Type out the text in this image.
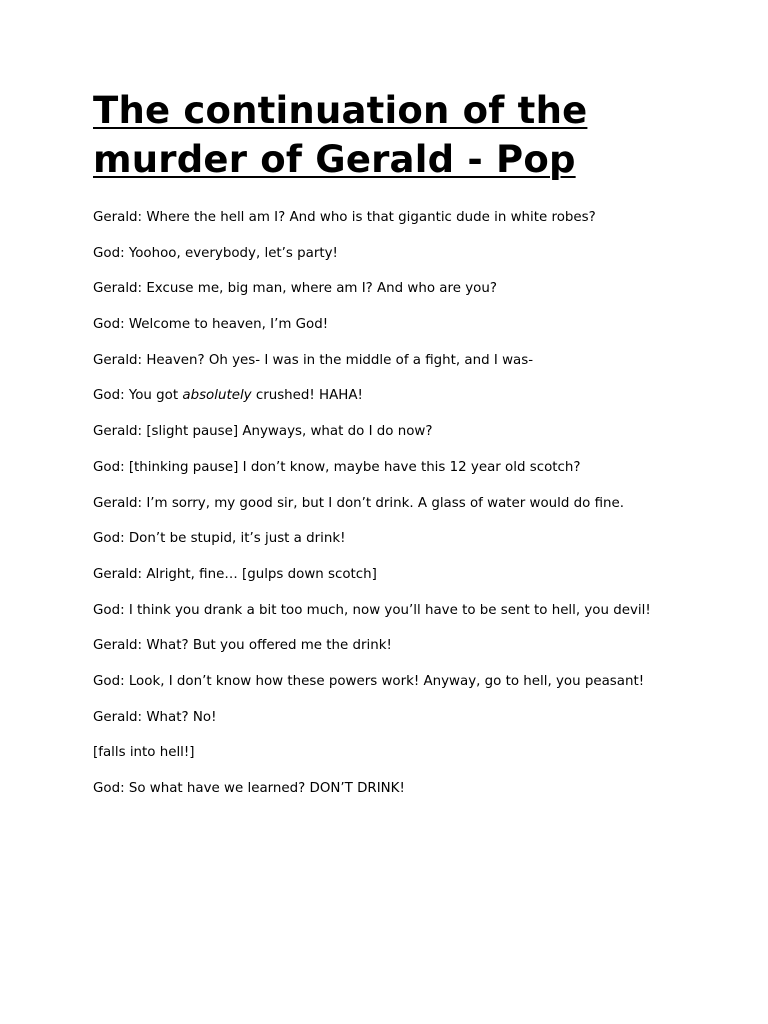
The continuation of the murder of Gerald - Pop

Gerald: Where the hell am I? And who is that gigantic dude in white robes?

God: Yoohoo, everybody, let’s party!

Gerald: Excuse me, big man, where am I? And who are you?

God: Welcome to heaven, I’m God!

Gerald: Heaven? Oh yes- I was in the middle of a fight, and I was-

God: You got absolutely crushed! HAHA!

Gerald: [slight pause] Anyways, what do I do now?

God: [thinking pause] I don’t know, maybe have this 12 year old scotch?

Gerald: I’m sorry, my good sir, but I don’t drink. A glass of water would do fine.

God: Don’t be stupid, it’s just a drink!

Gerald: Alright, fine… [gulps down scotch]

God: I think you drank a bit too much, now you’ll have to be sent to hell, you devil!

Gerald: What? But you offered me the drink!

God: Look, I don’t know how these powers work! Anyway, go to hell, you peasant!

Gerald: What? No!

[falls into hell!]

God: So what have we learned? DON’T DRINK!
